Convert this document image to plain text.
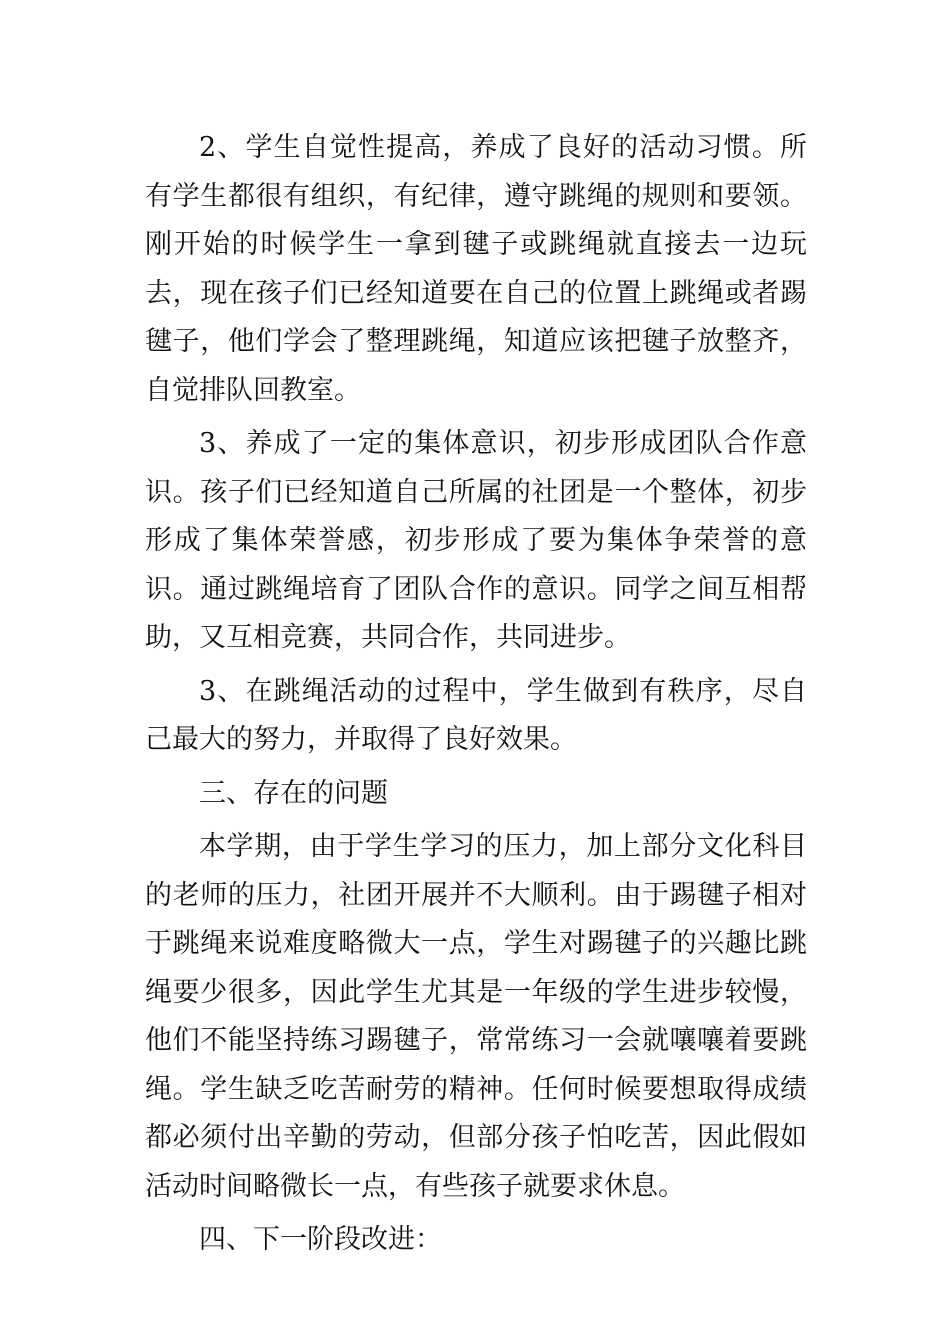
2、学生自觉性提高，养成了良好的活动习惯。所有学生都很有组织，有纪律，遵守跳绳的规则和要领。刚开始的时候学生一拿到毽子或跳绳就直接去一边玩去，现在孩子们已经知道要在自己的位置上跳绳或者踢毽子，他们学会了整理跳绳，知道应该把毽子放整齐，自觉排队回教室。

3、养成了一定的集体意识，初步形成团队合作意识。孩子们已经知道自己所属的社团是一个整体，初步形成了集体荣誉感，初步形成了要为集体争荣誉的意识。通过跳绳培育了团队合作的意识。同学之间互相帮助，又互相竞赛，共同合作，共同进步。

3、在跳绳活动的过程中，学生做到有秩序，尽自己最大的努力，并取得了良好效果。

三、存在的问题

本学期，由于学生学习的压力，加上部分文化科目的老师的压力，社团开展并不大顺利。由于踢毽子相对于跳绳来说难度略微大一点，学生对踢毽子的兴趣比跳绳要少很多，因此学生尤其是一年级的学生进步较慢，他们不能坚持练习踢毽子，常常练习一会就嚷嚷着要跳绳。学生缺乏吃苦耐劳的精神。任何时候要想取得成绩都必须付出辛勤的劳动，但部分孩子怕吃苦，因此假如活动时间略微长一点，有些孩子就要求休息。

四、下一阶段改进：
